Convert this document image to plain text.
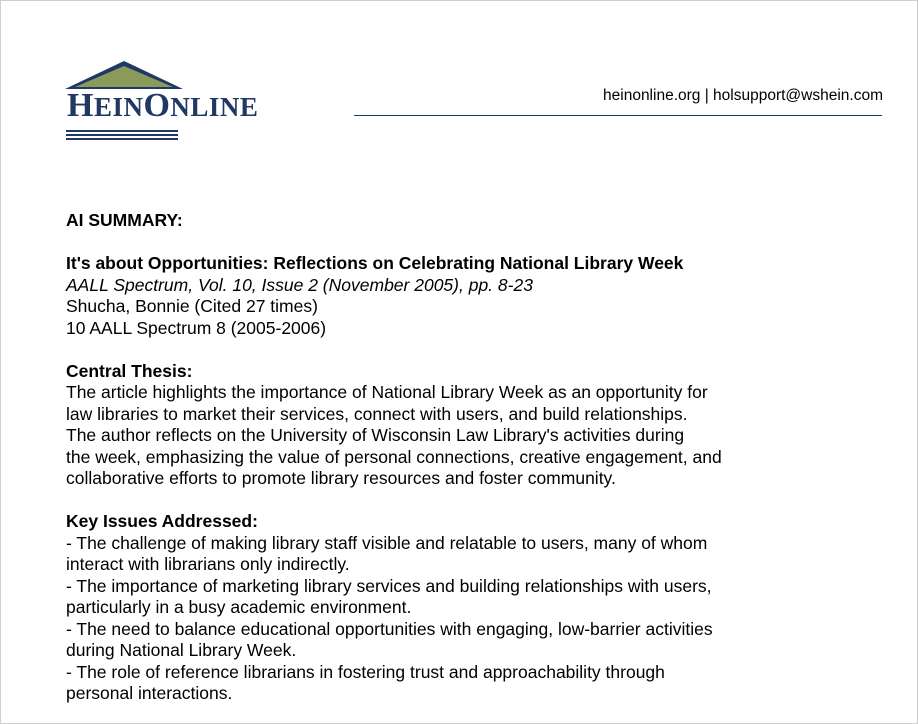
HEINONLINE	heinonline.org | holsupport@wshein.com

AI SUMMARY:

It's about Opportunities: Reflections on Celebrating National Library Week

AALL Spectrum, Vol. 10, Issue 2 (November 2005), pp. 8-23

Shucha, Bonnie (Cited 27 times)

10 AALL Spectrum 8 (2005-2006)

Central Thesis:

The article highlights the importance of National Library Week as an opportunity for

law libraries to market their services, connect with users, and build relationships.

The author reflects on the University of Wisconsin Law Library's activities during

the week, emphasizing the value of personal connections, creative engagement, and

collaborative efforts to promote library resources and foster community.

Key Issues Addressed:

- The challenge of making library staff visible and relatable to users, many of whom

interact with librarians only indirectly.

- The importance of marketing library services and building relationships with users,

particularly in a busy academic environment.

- The need to balance educational opportunities with engaging, low-barrier activities

during National Library Week.

- The role of reference librarians in fostering trust and approachability through

personal interactions.
